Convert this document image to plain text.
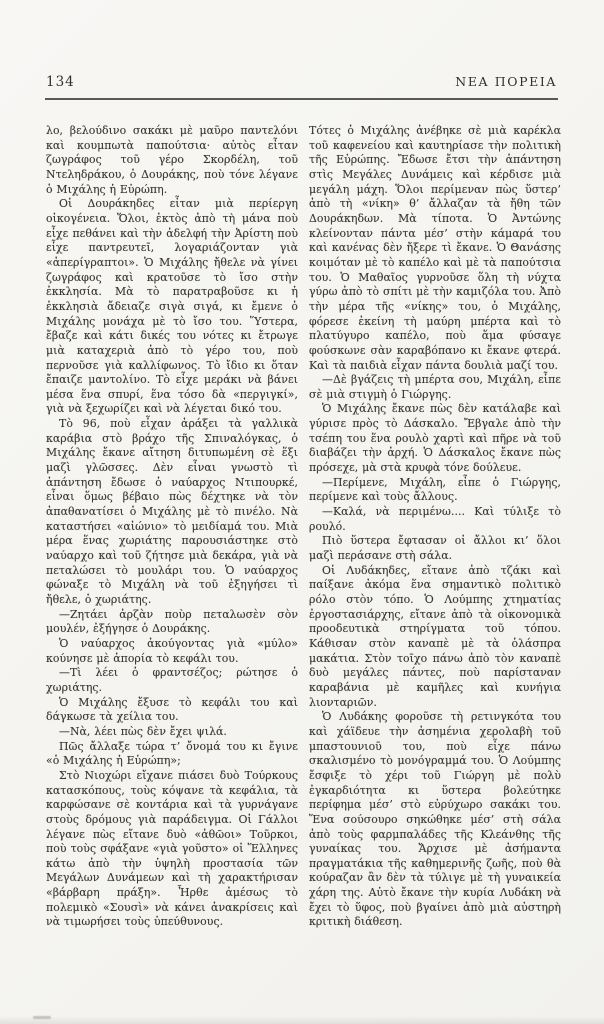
134	ΝΕΑ ΠΟΡΕΙΑ

λο, βελούδινο σακάκι μὲ μαῦρο παντελόνι καὶ κουμπωτὰ παπούτσια· αὐτὸς εἶταν ζωγράφος τοῦ γέρο Σκορδέλη, τοῦ Ντεληδράκου, ὁ Δουράκης, ποὺ τόνε λέγανε ὁ Μιχάλης ἡ Εὐρώπη.

Οἱ Δουράκηδες εἶταν μιὰ περίεργη οἰκογένεια. Ὅλοι, ἐκτὸς ἀπὸ τὴ μάνα ποὺ εἶχε πεθάνει καὶ τὴν ἀδελφή τὴν Ἀρίστη ποὺ εἶχε παντρευτεῖ, λογαριάζονταν γιὰ «ἀπερίγραπτοι». Ὁ Μιχάλης ἤθελε νὰ γίνει ζωγράφος καὶ κρατοῦσε τὸ ἴσο στὴν ἐκκλησία. Μὰ τὸ παρατραβοῦσε κι ἡ ἐκκλησιὰ ἄδειαζε σιγὰ σιγά, κι ἔμενε ὁ Μιχάλης μονάχα μὲ τὸ ἴσο του. Ὕστερα, ἔβαζε καὶ κάτι δικές του νότες κι ἔτρωγε μιὰ καταχεριὰ ἀπὸ τὸ γέρο του, ποὺ περνοῦσε γιὰ καλλίφωνος. Τὸ ἴδιο κι ὅταν ἔπαιζε μαντολίνο. Τὸ εἶχε μεράκι νὰ βάνει μέσα ἕνα σπυρί, ἕνα τόσο δὰ «περγιγκί», γιὰ νὰ ξεχωρίζει καὶ νὰ λέγεται δικό του.

Τὸ 96, ποὺ εἶχαν ἀράξει τὰ γαλλικὰ καράβια στὸ βράχο τῆς Σπιναλόγκας, ὁ Μιχάλης ἔκανε αἴτηση διτυπωμένη σὲ ἕξι μαζὶ γλῶσσες. Δὲν εἶναι γνωστὸ τὶ ἀπάντηση ἔδωσε ὁ ναύαρχος Ντιπουρκέ, εἶναι ὅμως βέβαιο πὼς δέχτηκε νὰ τὸν ἀπαθανατίσει ὁ Μιχάλης μὲ τὸ πινέλο. Νὰ καταστήσει «αἰώνιο» τὸ μειδίαμά του. Μιὰ μέρα ἕνας χωριάτης παρουσιάστηκε στὸ ναύαρχο καὶ τοῦ ζήτησε μιὰ δεκάρα, γιὰ νὰ πεταλώσει τὸ μουλάρι του. Ὁ ναύαρχος φώναξε τὸ Μιχάλη νὰ τοῦ ἐξηγήσει τὶ ἤθελε, ὁ χωριάτης.

—Ζητάει ἀρζὰν ποὺρ πεταλωσὲν σὸν μουλέν, ἐξήγησε ὁ Δουράκης.

Ὁ ναύαρχος ἀκούγοντας γιὰ «μύλο» κούνησε μὲ ἀπορία τὸ κεφάλι του.

—Τὶ λέει ὁ φραντσέζος; ρώτησε ὁ χωριάτης.

Ὁ Μιχάλης ἔξυσε τὸ κεφάλι του καὶ δάγκωσε τὰ χείλια του.

—Νὰ, λέει πὼς δὲν ἔχει ψιλά.

Πῶς ἄλλαξε τώρα τ’ ὄνομά του κι ἔγινε «ὁ Μιχάλης ἡ Εὐρώπη»;

Στὸ Νιοχώρι εἴχανε πιάσει δυὸ Τούρκους κατασκόπους, τοὺς κόψανε τὰ κεφάλια, τὰ καρφώσανε σὲ κοντάρια καὶ τὰ γυρνάγανε στοὺς δρόμους γιὰ παράδειγμα. Οἱ Γάλλοι λέγανε πὼς εἴτανε δυὸ «ἀθῶοι» Τοῦρκοι, ποὺ τοὺς σφάξανε «γιὰ γοῦστο» οἱ Ἕλληνες κάτω ἀπὸ τὴν ὑψηλὴ προστασία τῶν Μεγάλων Δυνάμεων καὶ τὴ χαρακτήρισαν «βάρβαρη πράξη». Ἦρθε ἀμέσως τὸ πολεμικὸ «Σουσὶ» νὰ κάνει ἀνακρίσεις καὶ νὰ τιμωρήσει τοὺς ὑπεύθυνους.

Τότες ὁ Μιχάλης ἀνέβηκε σὲ μιὰ καρέκλα τοῦ καφενείου καὶ καυτηρίασε τὴν πολιτικὴ τῆς Εὐρώπης. Ἔδωσε ἔτσι τὴν ἀπάντηση στὶς Μεγάλες Δυνάμεις καὶ κέρδισε μιὰ μεγάλη μάχη. Ὅλοι περίμεναν πὼς ὕστερ’ ἀπὸ τὴ «νίκη» θ’ ἄλλαζαν τὰ ἤθη τῶν Δουράκηδων. Μὰ τίποτα. Ὁ Ἀντώνης κλείνονταν πάντα μέσ’ στὴν κάμαρά του καὶ κανένας δὲν ἤξερε τὶ ἔκανε. Ὁ Θανάσης κοιμόταν μὲ τὸ καπέλο καὶ μὲ τὰ παπούτσια του. Ὁ Μαθαῖος γυρνοῦσε ὅλη τὴ νύχτα γύρω ἀπὸ τὸ σπίτι μὲ τὴν καμιζόλα του. Ἀπὸ τὴν μέρα τῆς «νίκης» του, ὁ Μιχάλης, φόρεσε ἐκείνη τὴ μαύρη μπέρτα καὶ τὸ πλατύγυρο καπέλο, ποὺ ἅμα φύσαγε φούσκωνε σὰν καραβόπανο κι ἔκανε φτερά. Καὶ τὰ παιδιὰ εἶχαν πάντα δουλιὰ μαζί του.

—Δὲ βγάζεις τὴ μπέρτα σου, Μιχάλη, εἶπε σὲ μιὰ στιγμὴ ὁ Γιώργης.

Ὁ Μιχάλης ἔκανε πὼς δὲν κατάλαβε καὶ γύρισε πρὸς τὸ Δάσκαλο. Ἔβγαλε ἀπὸ τὴν τσέπη του ἕνα ρουλὸ χαρτὶ καὶ πῆρε νὰ τοῦ διαβάζει τὴν ἀρχή. Ὁ Δάσκαλος ἔκανε πὼς πρόσεχε, μὰ στὰ κρυφὰ τόνε δούλευε.

—Περίμενε, Μιχάλη, εἶπε ὁ Γιώργης, περίμενε καὶ τοὺς ἄλλους.

—Καλά, νὰ περιμένω.... Καὶ τύλιξε τὸ ρουλό.

Πιὸ ὕστερα ἔφτασαν οἱ ἄλλοι κι’ ὅλοι μαζὶ περάσανε στὴ σάλα.

Οἱ Λυδάκηδες, εἴτανε ἀπὸ τζάκι καὶ παίξανε ἀκόμα ἕνα σημαντικὸ πολιτικὸ ρόλο στὸν τόπο. Ὁ Λούμπης χτηματίας ἐργοστασιάρχης, εἴτανε ἀπὸ τὰ οἰκονομικὰ προοδευτικὰ στηρίγματα τοῦ τόπου. Κάθισαν στὸν καναπὲ μὲ τὰ ὁλάσπρα μακάτια. Στὸν τοῖχο πάνω ἀπὸ τὸν καναπὲ δυὸ μεγάλες πάντες, ποὺ παρίσταναν καραβάνια μὲ καμῆλες καὶ κυνήγια λιονταριῶν.

Ὁ Λυδάκης φοροῦσε τὴ ρετινγκότα του καὶ χάϊδευε τὴν ἀσημένια χερολαβὴ τοῦ μπαστουνιοῦ του, ποὺ εἶχε πάνω σκαλισμένο τὸ μονόγραμμά του. Ὁ Λούμπης ἔσφιξε τὸ χέρι τοῦ Γιώργη μὲ πολὺ ἐγκαρδιότητα κι ὕστερα βολεύτηκε περίφημα μέσ’ στὸ εὐρύχωρο σακάκι του. Ἕνα σούσουρο σηκώθηκε μέσ’ στὴ σάλα ἀπὸ τοὺς φαρμπαλάδες τῆς Κλεάνθης τῆς γυναίκας του. Ἄρχισε μὲ ἀσήμαντα πραγματάκια τῆς καθημερινῆς ζωῆς, ποὺ θὰ κούραζαν ἂν δὲν τὰ τύλιγε μὲ τὴ γυναικεία χάρη της. Αὐτὸ ἔκανε τὴν κυρία Λυδάκη νὰ ἔχει τὸ ὕφος, ποὺ βγαίνει ἀπὸ μιὰ αὐστηρὴ κριτικὴ διάθεση.
